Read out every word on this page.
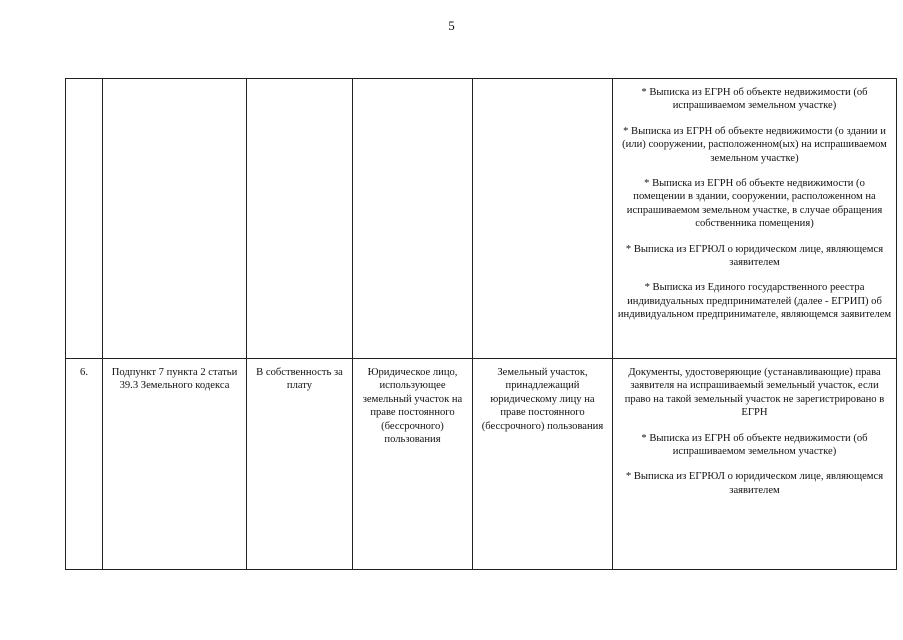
5

					* Выписка из ЕГРН об объекте недвижимости (об испрашиваемом земельном участке)

* Выписка из ЕГРН об объекте недвижимости (о здании и (или) сооружении, расположенном(ых) на испрашиваемом земельном участке)

* Выписка из ЕГРН об объекте недвижимости (о помещении в здании, сооружении, расположенном на испрашиваемом земельном участке, в случае обращения собственника помещения)

* Выписка из ЕГРЮЛ о юридическом лице, являющемся заявителем

* Выписка из Единого государственного реестра индивидуальных предпринимателей (далее - ЕГРИП) об индивидуальном предпринимателе, являющемся заявителем

6.	Подпункт 7 пункта 2 статьи 39.3 Земельного кодекса	В собственность за плату	Юридическое лицо, использующее земельный участок на праве постоянного (бессрочного) пользования	Земельный участок, принадлежащий юридическому лицу на праве постоянного (бессрочного) пользования	Документы, удостоверяющие (устанавливающие) права заявителя на испрашиваемый земельный участок, если право на такой земельный участок не зарегистрировано в ЕГРН

* Выписка из ЕГРН об объекте недвижимости (об испрашиваемом земельном участке)

* Выписка из ЕГРЮЛ о юридическом лице, являющемся заявителем
